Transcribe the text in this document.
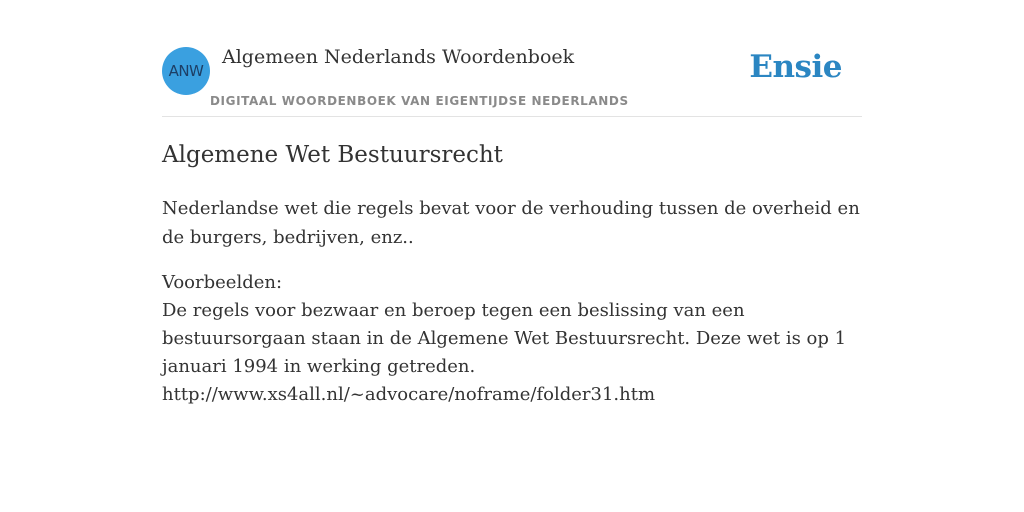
ANW
Algemeen Nederlands Woordenboek
DIGITAAL WOORDENBOEK VAN EIGENTIJDSE NEDERLANDS
Ensie
Algemene Wet Bestuursrecht

Nederlandse wet die regels bevat voor de verhouding tussen de overheid en de burgers, bedrijven, enz..

Voorbeelden:
De regels voor bezwaar en beroep tegen een beslissing van een bestuursorgaan staan in de Algemene Wet Bestuursrecht. Deze wet is op 1 januari 1994 in werking getreden.
http://www.xs4all.nl/~advocare/noframe/folder31.htm
